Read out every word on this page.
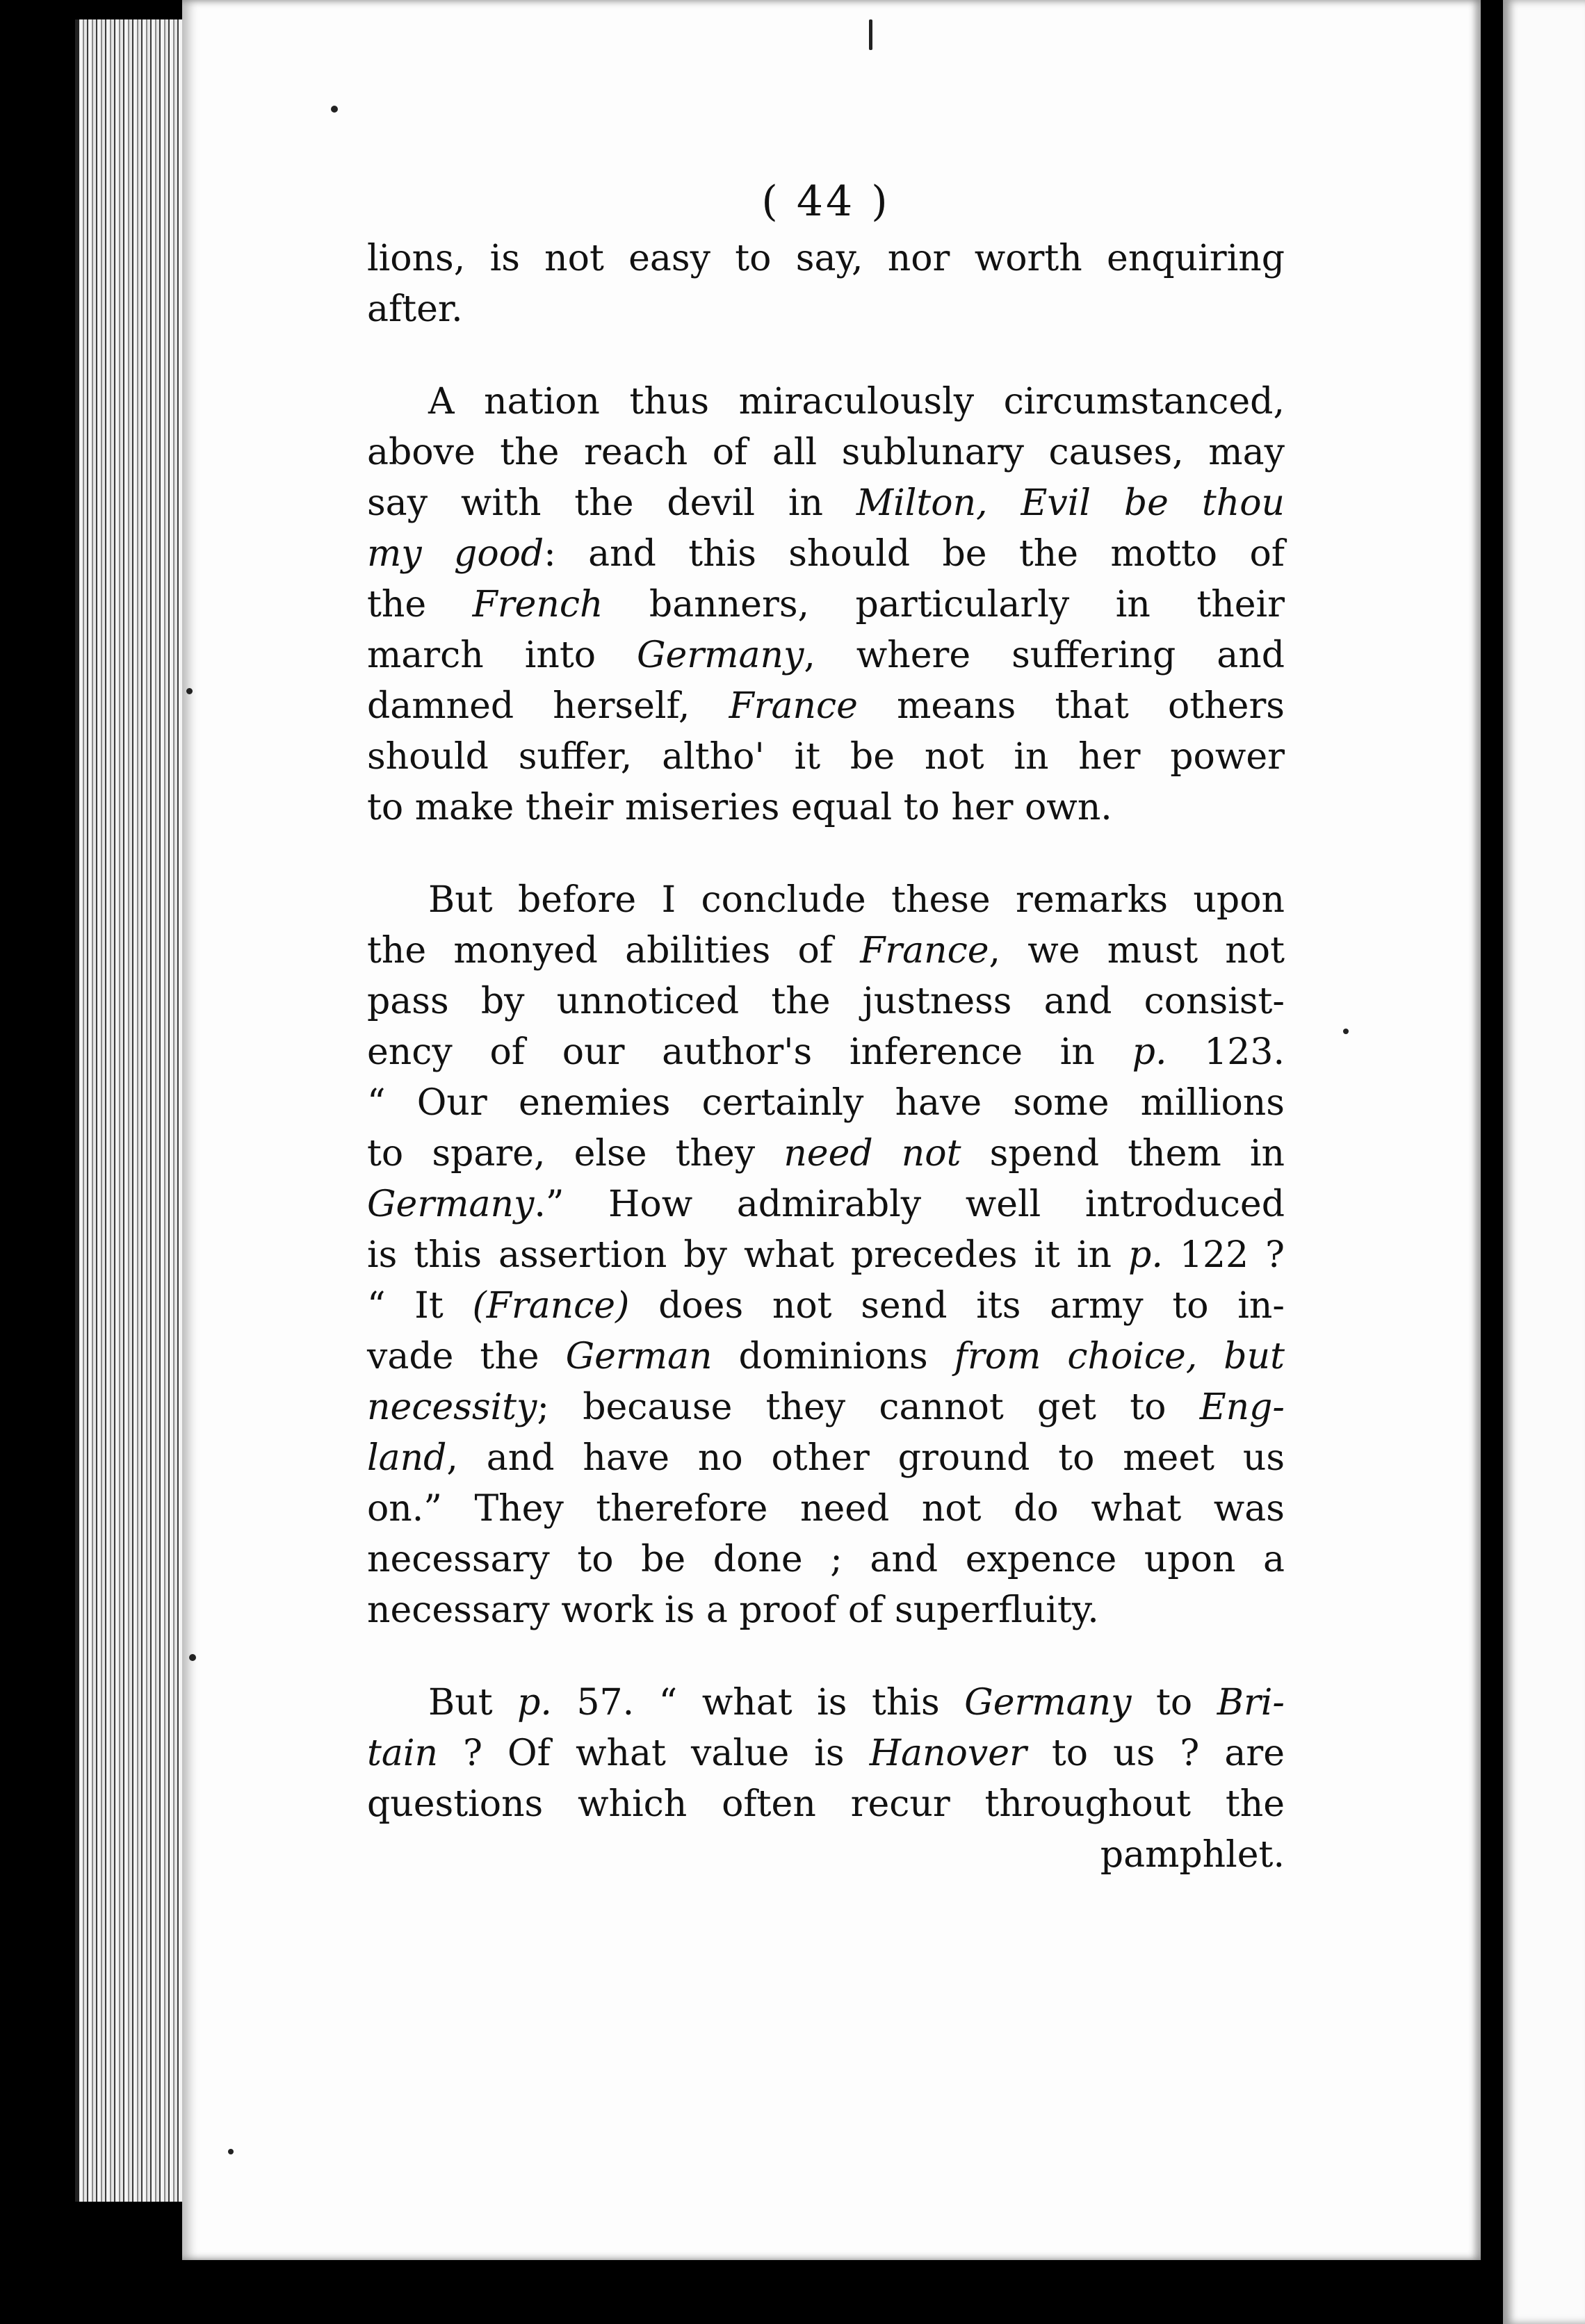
( 44 )
lions, is not easy to say, nor worth enquiring
after.
A nation thus miraculously circumstanced,
above the reach of all sublunary causes, may
say with the devil in Milton, Evil be thou
my good: and this should be the motto of
the French banners, particularly in their
march into Germany, where suffering and
damned herself, France means that others
should suffer, altho' it be not in her power
to make their miseries equal to her own.
But before I conclude these remarks upon
the monyed abilities of France, we must not
pass by unnoticed the justness and consist-
ency of our author's inference in p. 123.
“ Our enemies certainly have some millions
to spare, else they need not spend them in
Germany.” How admirably well introduced
is this assertion by what precedes it in p. 122 ?
“ It (France) does not send its army to in-
vade the German dominions from choice, but
necessity; because they cannot get to Eng-
land, and have no other ground to meet us
on.” They therefore need not do what was
necessary to be done ; and expence upon a
necessary work is a proof of superfluity.
But p. 57. “ what is this Germany to Bri-
tain ? Of what value is Hanover to us ? are
questions which often recur throughout the
pamphlet.
